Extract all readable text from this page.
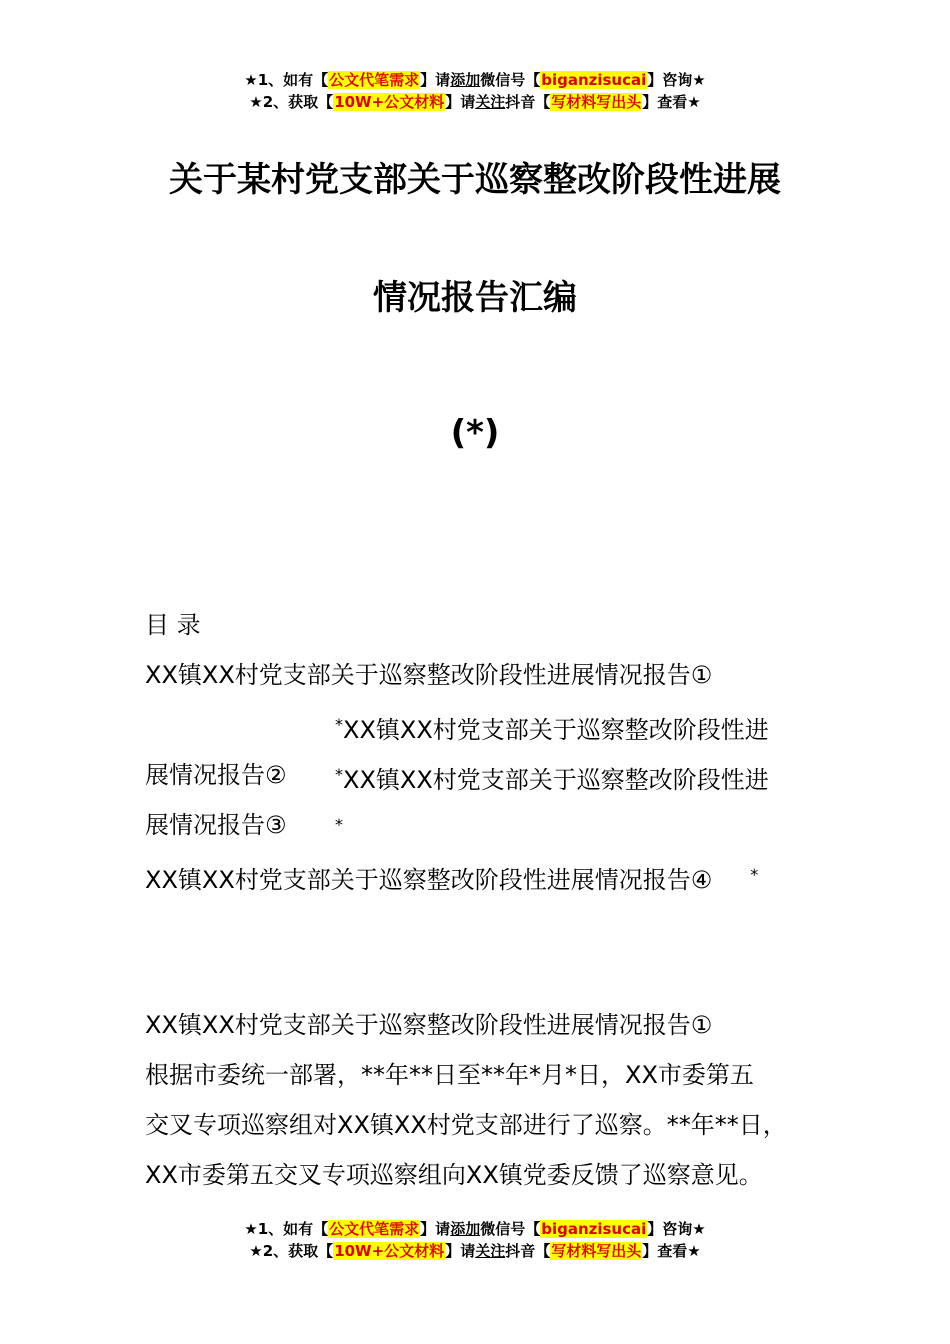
★1、如有【公文代笔需求】请添加微信号【biganzisucai】咨询★
★2、获取【10W+公文材料】请关注抖音【写材料写出头】查看★
关于某村党支部关于巡察整改阶段性进展
情况报告汇编
(*)
目 录
XX镇XX村党支部关于巡察整改阶段性进展情况报告①
*XX镇XX村党支部关于巡察整改阶段性进
展情况报告②	*XX镇XX村党支部关于巡察整改阶段性进
展情况报告③	*
XX镇XX村党支部关于巡察整改阶段性进展情况报告④ *
XX镇XX村党支部关于巡察整改阶段性进展情况报告①
根据市委统一部署，**年**日至**年*月*日，XX市委第五
交叉专项巡察组对XX镇XX村党支部进行了巡察。**年**日，
XX市委第五交叉专项巡察组向XX镇党委反馈了巡察意见。
★1、如有【公文代笔需求】请添加微信号【biganzisucai】咨询★
★2、获取【10W+公文材料】请关注抖音【写材料写出头】查看★
